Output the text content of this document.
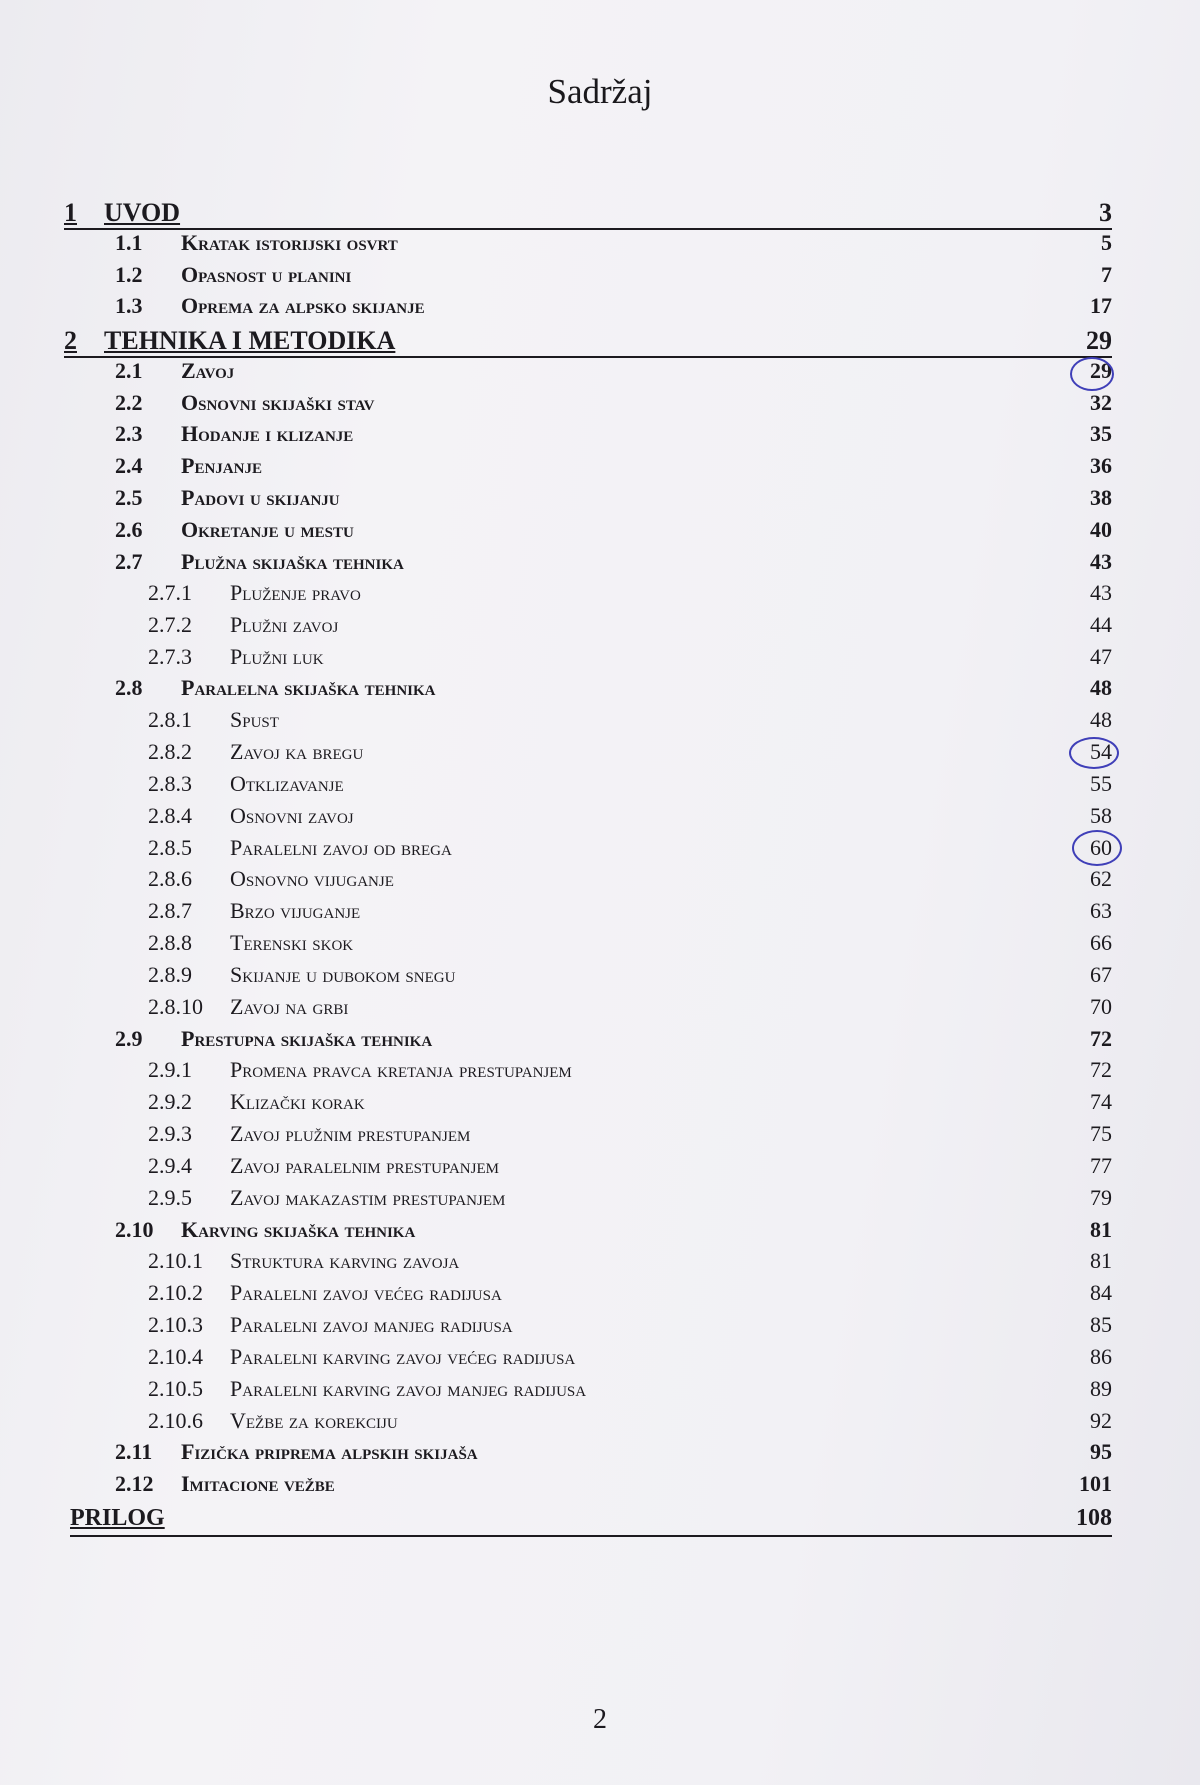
Sadržaj
1	UVOD	3
1.1	Kratak istorijski osvrt	5
1.2	Opasnost u planini	7
1.3	Oprema za alpsko skijanje	17
2	TEHNIKA I METODIKA	29
2.1	Zavoj	29
2.2	Osnovni skijaški stav	32
2.3	Hodanje i klizanje	35
2.4	Penjanje	36
2.5	Padovi u skijanju	38
2.6	Okretanje u mestu	40
2.7	Plužna skijaška tehnika	43
2.7.1	Pluženje pravo	43
2.7.2	Plužni zavoj	44
2.7.3	Plužni luk	47
2.8	Paralelna skijaška tehnika	48
2.8.1	Spust	48
2.8.2	Zavoj ka bregu	54
2.8.3	Otklizavanje	55
2.8.4	Osnovni zavoj	58
2.8.5	Paralelni zavoj od brega	60
2.8.6	Osnovno vijuganje	62
2.8.7	Brzo vijuganje	63
2.8.8	Terenski skok	66
2.8.9	Skijanje u dubokom snegu	67
2.8.10	Zavoj na grbi	70
2.9	Prestupna skijaška tehnika	72
2.9.1	Promena pravca kretanja prestupanjem	72
2.9.2	Klizački korak	74
2.9.3	Zavoj plužnim prestupanjem	75
2.9.4	Zavoj paralelnim prestupanjem	77
2.9.5	Zavoj makazastim prestupanjem	79
2.10	Karving skijaška tehnika	81
2.10.1	Struktura karving zavoja	81
2.10.2	Paralelni zavoj većeg radijusa	84
2.10.3	Paralelni zavoj manjeg radijusa	85
2.10.4	Paralelni karving zavoj većeg radijusa	86
2.10.5	Paralelni karving zavoj manjeg radijusa	89
2.10.6	Vežbe za korekciju	92
2.11	Fizička priprema alpskih skijaša	95
2.12	Imitacione vežbe	101
PRILOG	108
2
